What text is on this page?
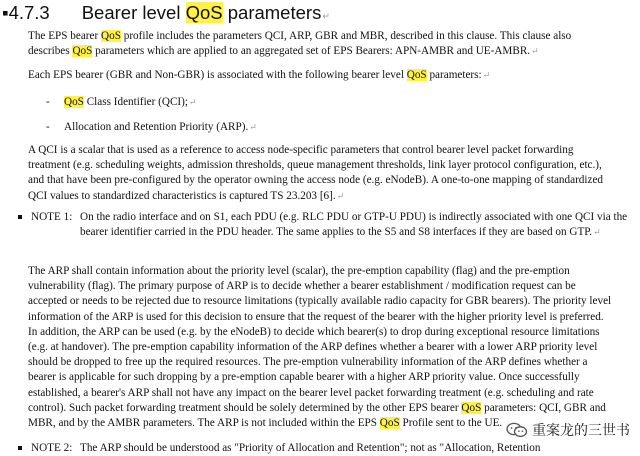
▪4.7.3 Bearer level QoS parameters↵

The EPS bearer QoS profile includes the parameters QCI, ARP, GBR and MBR, described in this clause. This clause also describes QoS parameters which are applied to an aggregated set of EPS Bearers: APN-AMBR and UE-AMBR.↵

Each EPS bearer (GBR and Non-GBR) is associated with the following bearer level QoS parameters:↵

- QoS Class Identifier (QCI);↵
- Allocation and Retention Priority (ARP).↵

A QCI is a scalar that is used as a reference to access node-specific parameters that control bearer level packet forwarding treatment (e.g. scheduling weights, admission thresholds, queue management thresholds, link layer protocol configuration, etc.), and that have been pre-configured by the operator owning the access node (e.g. eNodeB). A one-to-one mapping of standardized QCI values to standardized characteristics is captured TS 23.203 [6].↵

NOTE 1: On the radio interface and on S1, each PDU (e.g. RLC PDU or GTP-U PDU) is indirectly associated with one QCI via the bearer identifier carried in the PDU header. The same applies to the S5 and S8 interfaces if they are based on GTP.↵

The ARP shall contain information about the priority level (scalar), the pre-emption capability (flag) and the pre-emption vulnerability (flag). The primary purpose of ARP is to decide whether a bearer establishment / modification request can be accepted or needs to be rejected due to resource limitations (typically available radio capacity for GBR bearers). The priority level information of the ARP is used for this decision to ensure that the request of the bearer with the higher priority level is preferred. In addition, the ARP can be used (e.g. by the eNodeB) to decide which bearer(s) to drop during exceptional resource limitations (e.g. at handover). The pre-emption capability information of the ARP defines whether a bearer with a lower ARP priority level should be dropped to free up the required resources. The pre-emption vulnerability information of the ARP defines whether a bearer is applicable for such dropping by a pre-emption capable bearer with a higher ARP priority value. Once successfully established, a bearer's ARP shall not have any impact on the bearer level packet forwarding treatment (e.g. scheduling and rate control). Such packet forwarding treatment should be solely determined by the other EPS bearer QoS parameters: QCI, GBR and MBR, and by the AMBR parameters. The ARP is not included within the EPS QoS Profile sent to the UE.

NOTE 2: The ARP should be understood as "Priority of Allocation and Retention"; not as "Allocation, Retention
重案龙的三世书
